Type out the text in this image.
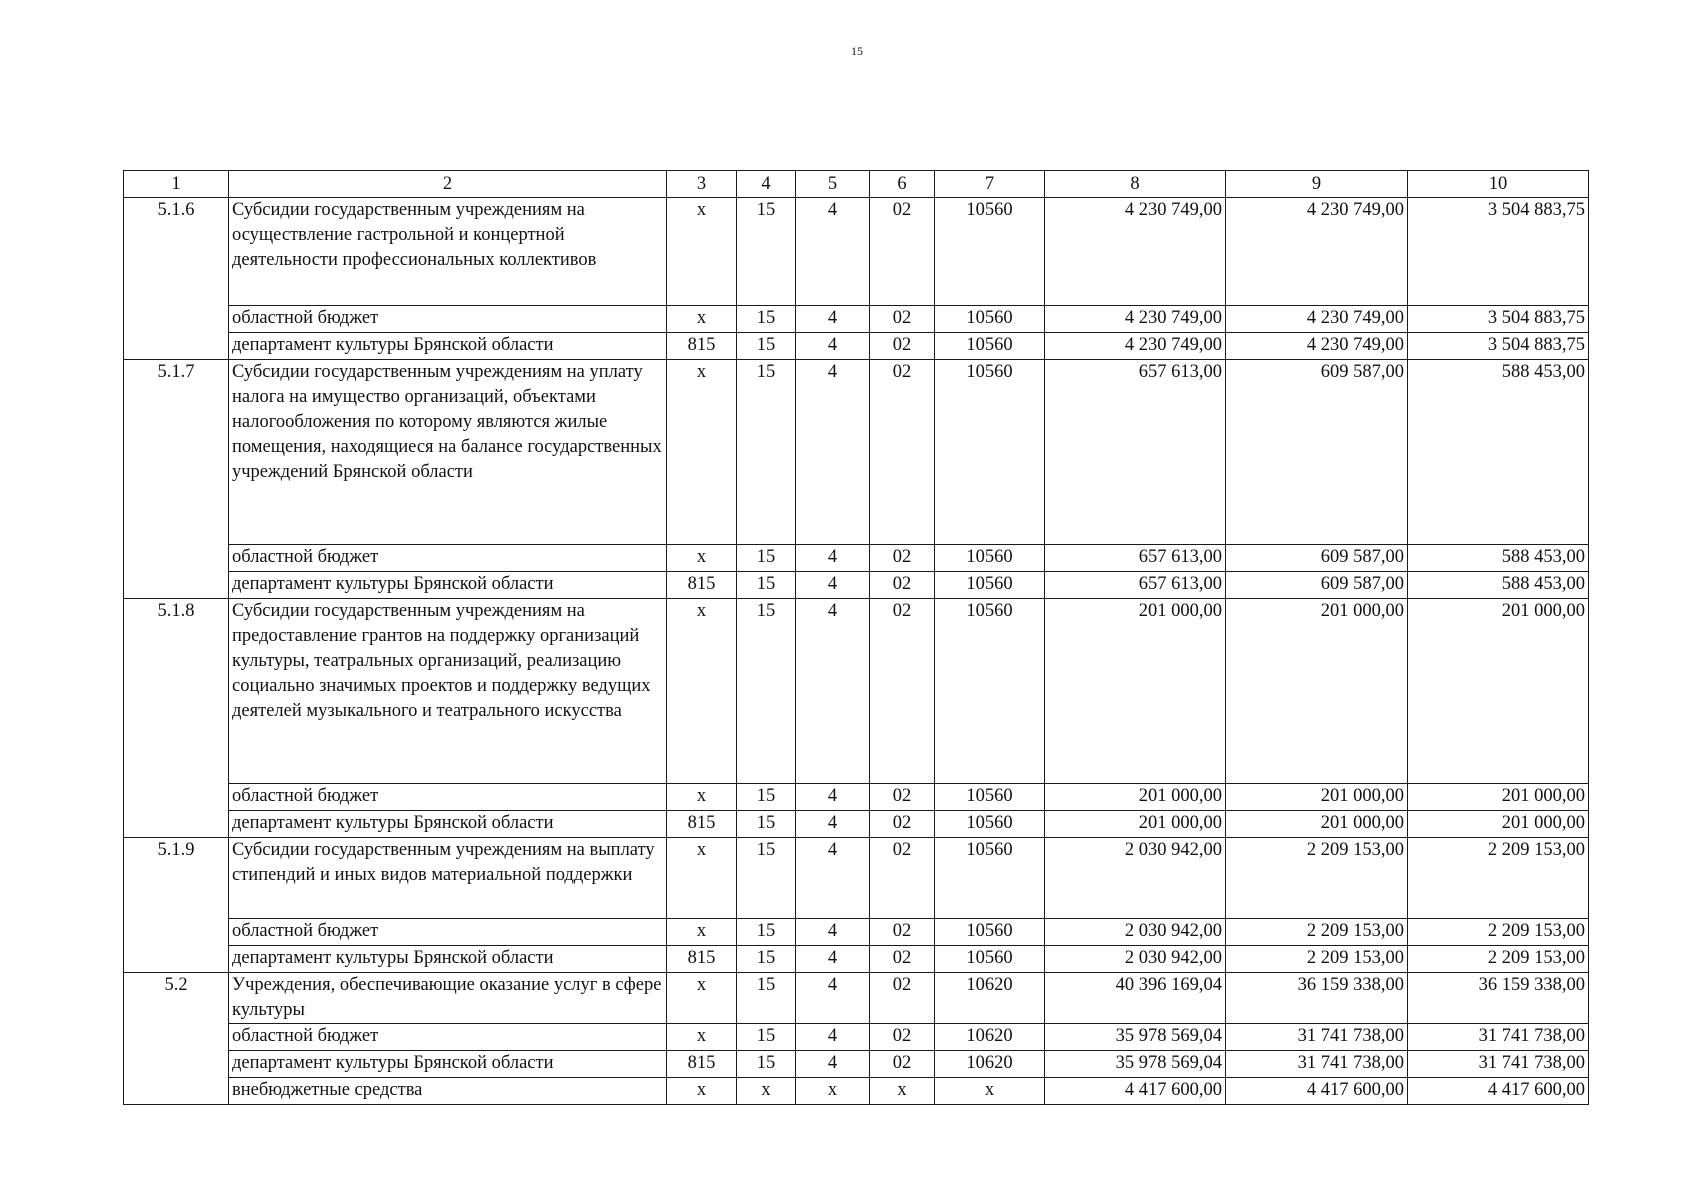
15
1	2	3	4	5	6	7	8	9	10
5.1.6	Субсидии государственным учреждениям на осуществление гастрольной и концертной деятельности профессиональных коллективов	х	15	4	02	10560	4 230 749,00	4 230 749,00	3 504 883,75
	областной бюджет	х	15	4	02	10560	4 230 749,00	4 230 749,00	3 504 883,75
	департамент культуры Брянской области	815	15	4	02	10560	4 230 749,00	4 230 749,00	3 504 883,75
5.1.7	Субсидии государственным учреждениям на уплату налога на имущество организаций, объектами налогообложения по которому являются жилые помещения, находящиеся на балансе государственных учреждений Брянской области	х	15	4	02	10560	657 613,00	609 587,00	588 453,00
	областной бюджет	х	15	4	02	10560	657 613,00	609 587,00	588 453,00
	департамент культуры Брянской области	815	15	4	02	10560	657 613,00	609 587,00	588 453,00
5.1.8	Субсидии государственным учреждениям на предоставление грантов на поддержку организаций культуры, театральных организаций, реализацию социально значимых проектов и поддержку ведущих деятелей музыкального и театрального искусства	х	15	4	02	10560	201 000,00	201 000,00	201 000,00
	областной бюджет	х	15	4	02	10560	201 000,00	201 000,00	201 000,00
	департамент культуры Брянской области	815	15	4	02	10560	201 000,00	201 000,00	201 000,00
5.1.9	Субсидии государственным учреждениям на выплату стипендий и иных видов материальной поддержки	х	15	4	02	10560	2 030 942,00	2 209 153,00	2 209 153,00
	областной бюджет	х	15	4	02	10560	2 030 942,00	2 209 153,00	2 209 153,00
	департамент культуры Брянской области	815	15	4	02	10560	2 030 942,00	2 209 153,00	2 209 153,00
5.2	Учреждения, обеспечивающие оказание услуг в сфере культуры	х	15	4	02	10620	40 396 169,04	36 159 338,00	36 159 338,00
	областной бюджет	х	15	4	02	10620	35 978 569,04	31 741 738,00	31 741 738,00
	департамент культуры Брянской области	815	15	4	02	10620	35 978 569,04	31 741 738,00	31 741 738,00
	внебюджетные средства	х	х	х	х	х	4 417 600,00	4 417 600,00	4 417 600,00
